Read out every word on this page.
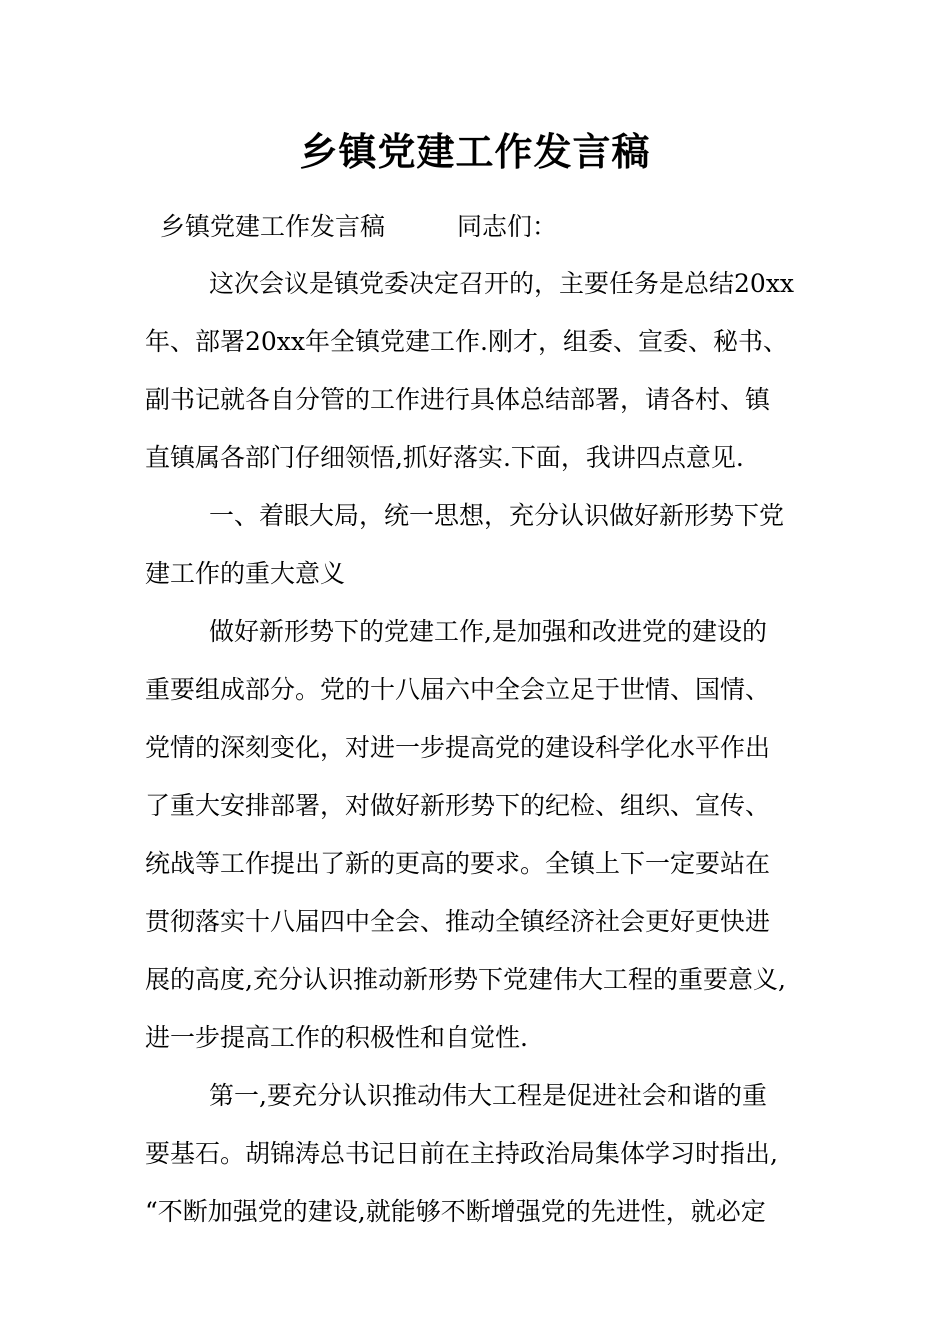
乡镇党建工作发言稿
乡镇党建工作发言稿	同志们：
这次会议是镇党委决定召开的，主要任务是总结20xx
年、部署20xx年全镇党建工作.刚才，组委、宣委、秘书、
副书记就各自分管的工作进行具体总结部署，请各村、镇
直镇属各部门仔细领悟,抓好落实.下面，我讲四点意见.
一、着眼大局，统一思想，充分认识做好新形势下党
建工作的重大意义
做好新形势下的党建工作,是加强和改进党的建设的
重要组成部分。党的十八届六中全会立足于世情、国情、
党情的深刻变化，对进一步提高党的建设科学化水平作出
了重大安排部署，对做好新形势下的纪检、组织、宣传、
统战等工作提出了新的更高的要求。全镇上下一定要站在
贯彻落实十八届四中全会、推动全镇经济社会更好更快进
展的高度,充分认识推动新形势下党建伟大工程的重要意义,
进一步提高工作的积极性和自觉性.
第一,要充分认识推动伟大工程是促进社会和谐的重
要基石。胡锦涛总书记日前在主持政治局集体学习时指出,
“不断加强党的建设,就能够不断增强党的先进性，就必定
